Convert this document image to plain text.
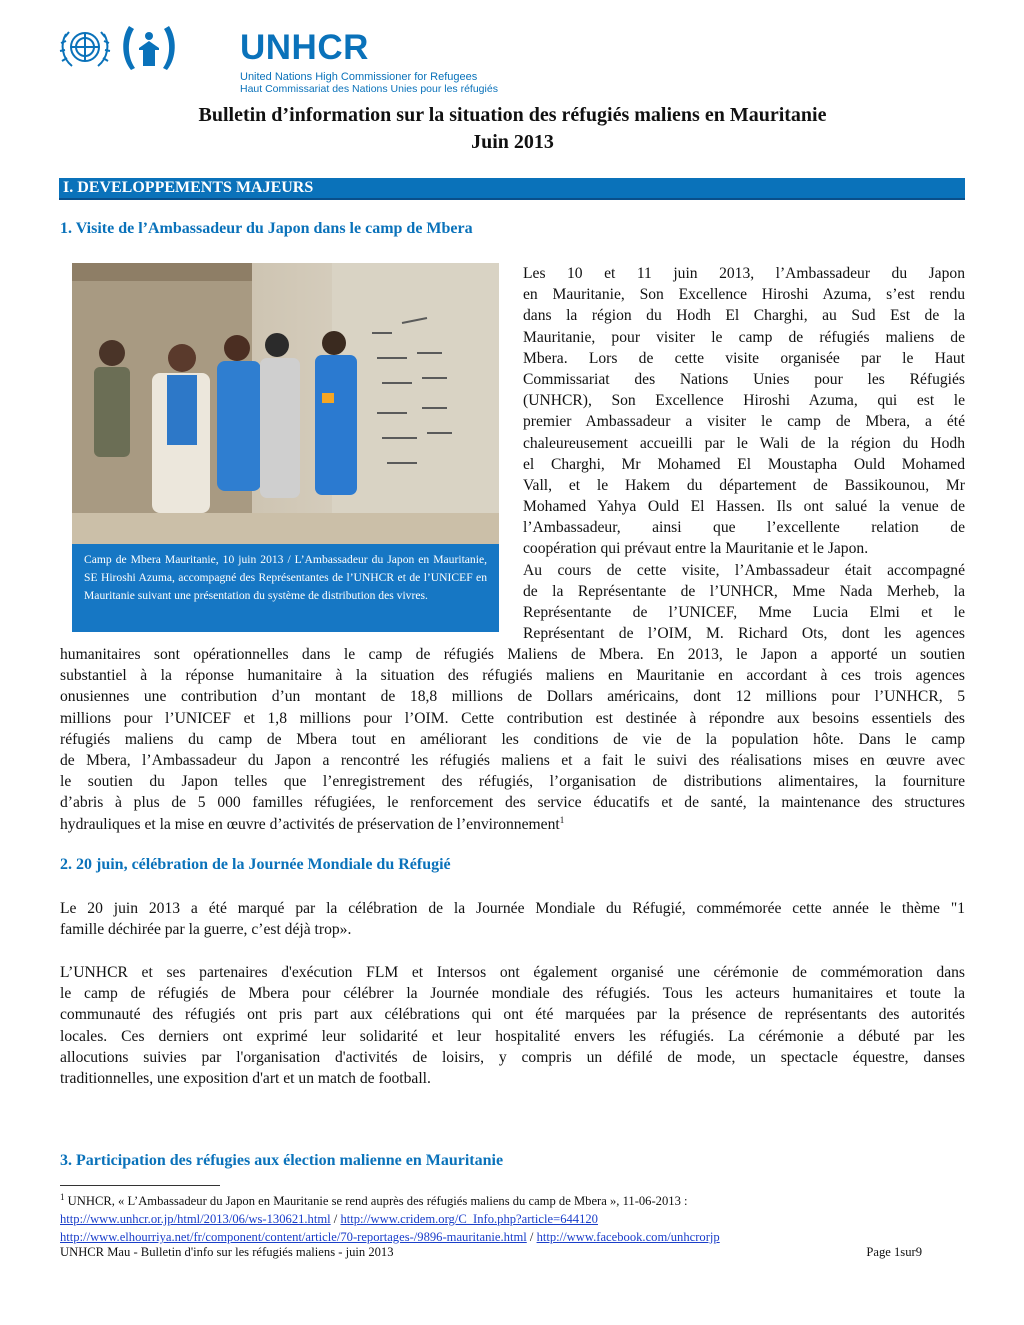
UNHCR
United Nations High Commissioner for Refugees
Haut Commissariat des Nations Unies pour les réfugiés
Bulletin d’information sur la situation des réfugiés maliens en Mauritanie
Juin 2013
I. DEVELOPPEMENTS MAJEURS
1. Visite de l’Ambassadeur du Japon dans le camp de Mbera
Camp de Mbera Mauritanie, 10 juin 2013 / L’Ambassadeur du Japon en Mauritanie, SE Hiroshi Azuma, accompagné des Représentantes de l’UNHCR et de l’UNICEF en Mauritanie suivant une présentation du système de distribution des vivres.
Les 10 et 11 juin 2013, l’Ambassadeur du Japon
en Mauritanie, Son Excellence Hiroshi Azuma, s’est rendu
dans la région du Hodh El Charghi, au Sud Est de la
Mauritanie, pour visiter le camp de réfugiés maliens de
Mbera. Lors de cette visite organisée par le Haut
Commissariat des Nations Unies pour les Réfugiés
(UNHCR), Son Excellence Hiroshi Azuma, qui est le
premier Ambassadeur a visiter le camp de Mbera, a été
chaleureusement accueilli par le Wali de la région du Hodh
el Charghi, Mr Mohamed El Moustapha Ould Mohamed
Vall, et le Hakem du département de Bassikounou, Mr
Mohamed Yahya Ould El Hassen. Ils ont salué la venue de
l’Ambassadeur, ainsi que l’excellente relation de
coopération qui prévaut entre la Mauritanie et le Japon.
Au cours de cette visite, l’Ambassadeur était accompagné
de la Représentante de l’UNHCR, Mme Nada Merheb, la
Représentante de l’UNICEF, Mme Lucia Elmi et le
Représentant de l’OIM, M. Richard Ots, dont les agences
humanitaires sont opérationnelles dans le camp de réfugiés Maliens de Mbera. En 2013, le Japon a apporté un soutien
substantiel à la réponse humanitaire à la situation des réfugiés maliens en Mauritanie en accordant à ces trois agences
onusiennes une contribution d’un montant de 18,8 millions de Dollars américains, dont 12 millions pour l’UNHCR, 5
millions pour l’UNICEF et 1,8 millions pour l’OIM. Cette contribution est destinée à répondre aux besoins essentiels des
réfugiés maliens du camp de Mbera tout en améliorant les conditions de vie de la population hôte. Dans le camp
de Mbera, l’Ambassadeur du Japon a rencontré les réfugiés maliens et a fait le suivi des réalisations mises en œuvre avec
le soutien du Japon telles que l’enregistrement des réfugiés, l’organisation de distributions alimentaires, la fourniture
d’abris à plus de 5 000 familles réfugiées, le renforcement des service éducatifs et de santé, la maintenance des structures
hydrauliques et la mise en œuvre d’activités de préservation de l’environnement$^1$
2. 20 juin, célébration de la Journée Mondiale du Réfugié
Le 20 juin 2013 a été marqué par la célébration de la Journée Mondiale du Réfugié, commémorée cette année le thème "1
famille déchirée par la guerre, c’est déjà trop».
L’UNHCR et ses partenaires d'exécution FLM et Intersos ont également organisé une cérémonie de commémoration dans
le camp de réfugiés de Mbera pour célébrer la Journée mondiale des réfugiés. Tous les acteurs humanitaires et toute la
communauté des réfugiés ont pris part aux célébrations qui ont été marquées par la présence de représentants des autorités
locales. Ces derniers ont exprimé leur solidarité et leur hospitalité envers les réfugiés. La cérémonie a débuté par les
allocutions suivies par l'organisation d'activités de loisirs, y compris un défilé de mode, un spectacle équestre, danses
traditionnelles, une exposition d'art et un match de football.
3. Participation des réfugies aux élection malienne en Mauritanie
$^1$ UNHCR, « L’Ambassadeur du Japon en Mauritanie se rend auprès des réfugiés maliens du camp de Mbera », 11-06-2013 :
http://www.unhcr.or.jp/html/2013/06/ws-130621.html / http://www.cridem.org/C_Info.php?article=644120
http://www.elhourriya.net/fr/component/content/article/70-reportages-/9896-mauritanie.html / http://www.facebook.com/unhcrorjp
UNHCR Mau - Bulletin d'info sur les réfugiés maliens - juin 2013	Page 1sur9
